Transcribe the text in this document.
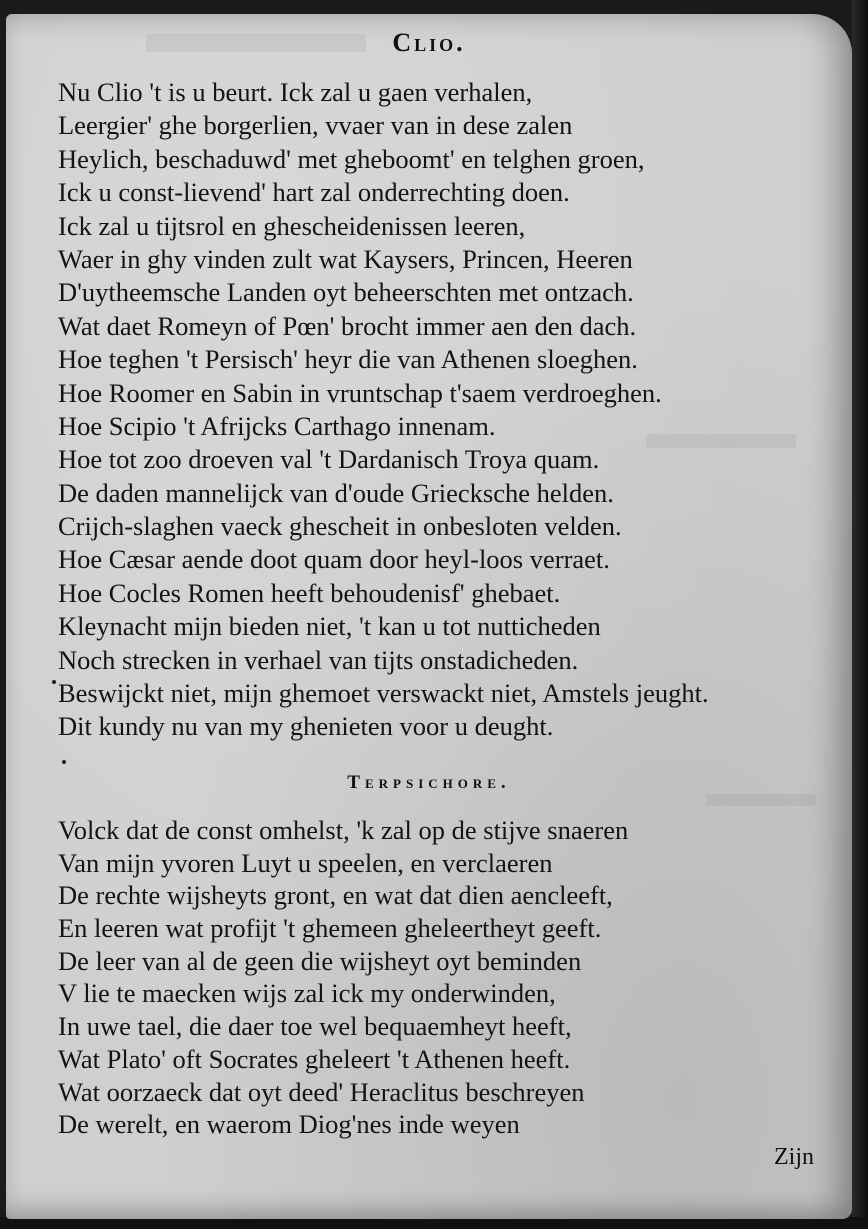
Clio.
Nu Clio 't is u beurt. Ick zal u gaen verhalen,
Leergier' ghe borgerlien, vvaer van in dese zalen
Heylich, beschaduwd' met gheboomt' en telghen groen,
Ick u const-lievend' hart zal onderrechting doen.
Ick zal u tijtsrol en ghescheidenissen leeren,
Waer in ghy vinden zult wat Kaysers, Princen, Heeren
D'uytheemsche Landen oyt beheerschten met ontzach.
Wat daet Romeyn of Pœn' brocht immer aen den dach.
Hoe teghen 't Persisch' heyr die van Athenen sloeghen.
Hoe Roomer en Sabin in vruntschap t'saem verdroeghen.
Hoe Scipio 't Afrijcks Carthago innenam.
Hoe tot zoo droeven val 't Dardanisch Troya quam.
De daden mannelijck van d'oude Griecksche helden.
Crijch-slaghen vaeck ghescheit in onbesloten velden.
Hoe Cæsar aende doot quam door heyl-loos verraet.
Hoe Cocles Romen heeft behoudenisf' ghebaet.
Kleynacht mijn bieden niet, 't kan u tot nutticheden
Noch strecken in verhael van tijts onstadicheden.
Beswijckt niet, mijn ghemoet verswackt niet, Amstels jeught.
Dit kundy nu van my ghenieten voor u deught.
Terpsichore.
Volck dat de const omhelst, 'k zal op de stijve snaeren
Van mijn yvoren Luyt u speelen, en verclaeren
De rechte wijsheyts gront, en wat dat dien aencleeft,
En leeren wat profijt 't ghemeen gheleertheyt geeft.
De leer van al de geen die wijsheyt oyt beminden
V lie te maecken wijs zal ick my onderwinden,
In uwe tael, die daer toe wel bequaemheyt heeft,
Wat Plato' oft Socrates gheleert 't Athenen heeft.
Wat oorzaeck dat oyt deed' Heraclitus beschreyen
De werelt, en waerom Diog'nes inde weyen
Zijn
